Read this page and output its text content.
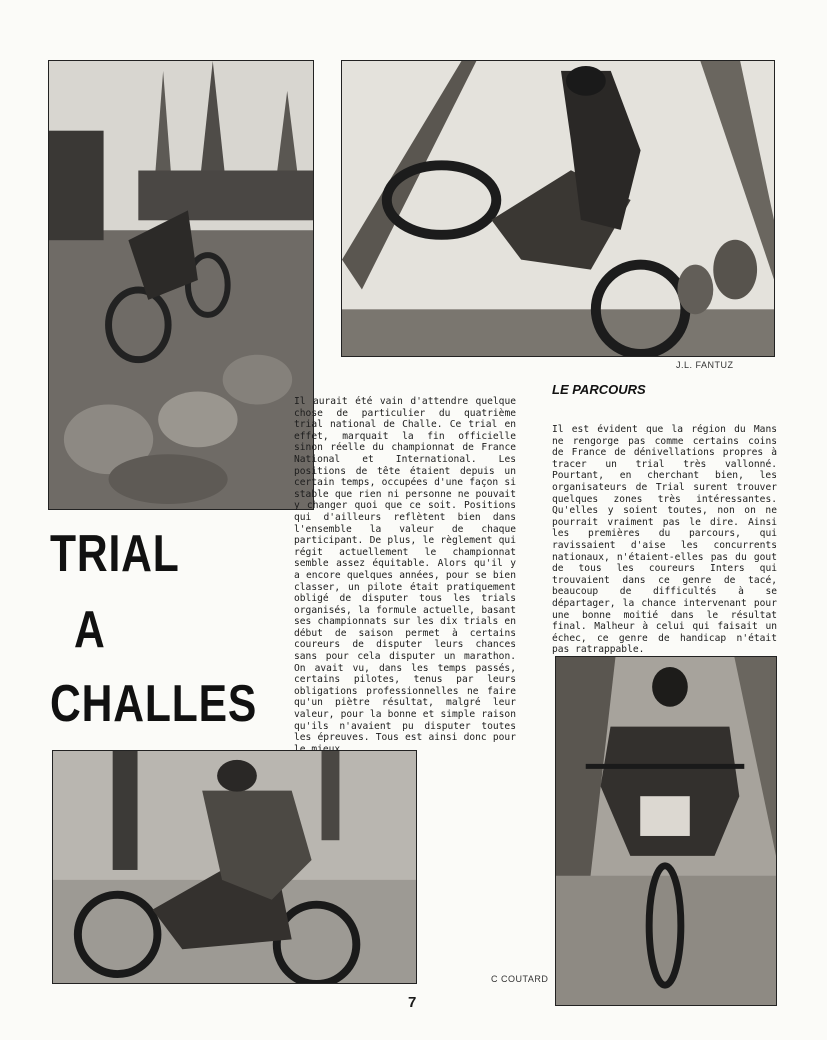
J.L. FANTUZ
TRIAL
A
CHALLES
Il aurait été vain d'attendre quelque chose de particulier du quatrième trial national de Challe. Ce trial en effet, marquait la fin officielle sinon réelle du championnat de France National et International. Les positions de tête étaient depuis un certain temps, occupées d'une façon si stable que rien ni personne ne pouvait y changer quoi que ce soit. Positions qui d'ailleurs reflètent bien dans l'ensemble la valeur de chaque participant. De plus, le règlement qui régit actuellement le championnat semble assez équitable. Alors qu'il y a encore quelques années, pour se bien classer, un pilote était pratiquement obligé de disputer tous les trials organisés, la formule actuelle, basant ses championnats sur les dix trials en début de saison permet à certains coureurs de disputer leurs chances sans pour cela disputer un marathon. On avait vu, dans les temps passés, certains pilotes, tenus par leurs obligations professionnelles ne faire qu'un piètre résultat, malgré leur valeur, pour la bonne et simple raison qu'ils n'avaient pu disputer toutes les épreuves. Tous est ainsi donc pour
LE PARCOURS
Il est évident que la région du Mans ne rengorge pas comme certains coins de France de dénivellations propres à tracer un trial très vallonné. Pourtant, en cherchant bien, les organisateurs de Trial surent trouver quelques zones très intéressantes. Qu'elles y soient toutes, non on ne pourrait vraiment pas le dire. Ainsi les premières du parcours, qui ravissaient d'aise les concurrents nationaux, n'étaient-elles pas du gout de tous les coureurs Inters qui trouvaient dans ce genre de tacé, beaucoup de difficultés à se départager, la chance intervenant pour une bonne moitié dans le résultat final. Malheur à celui qui faisait un échec, ce genre de handicap n'était pas ratrappable.
C COUTARD
7
